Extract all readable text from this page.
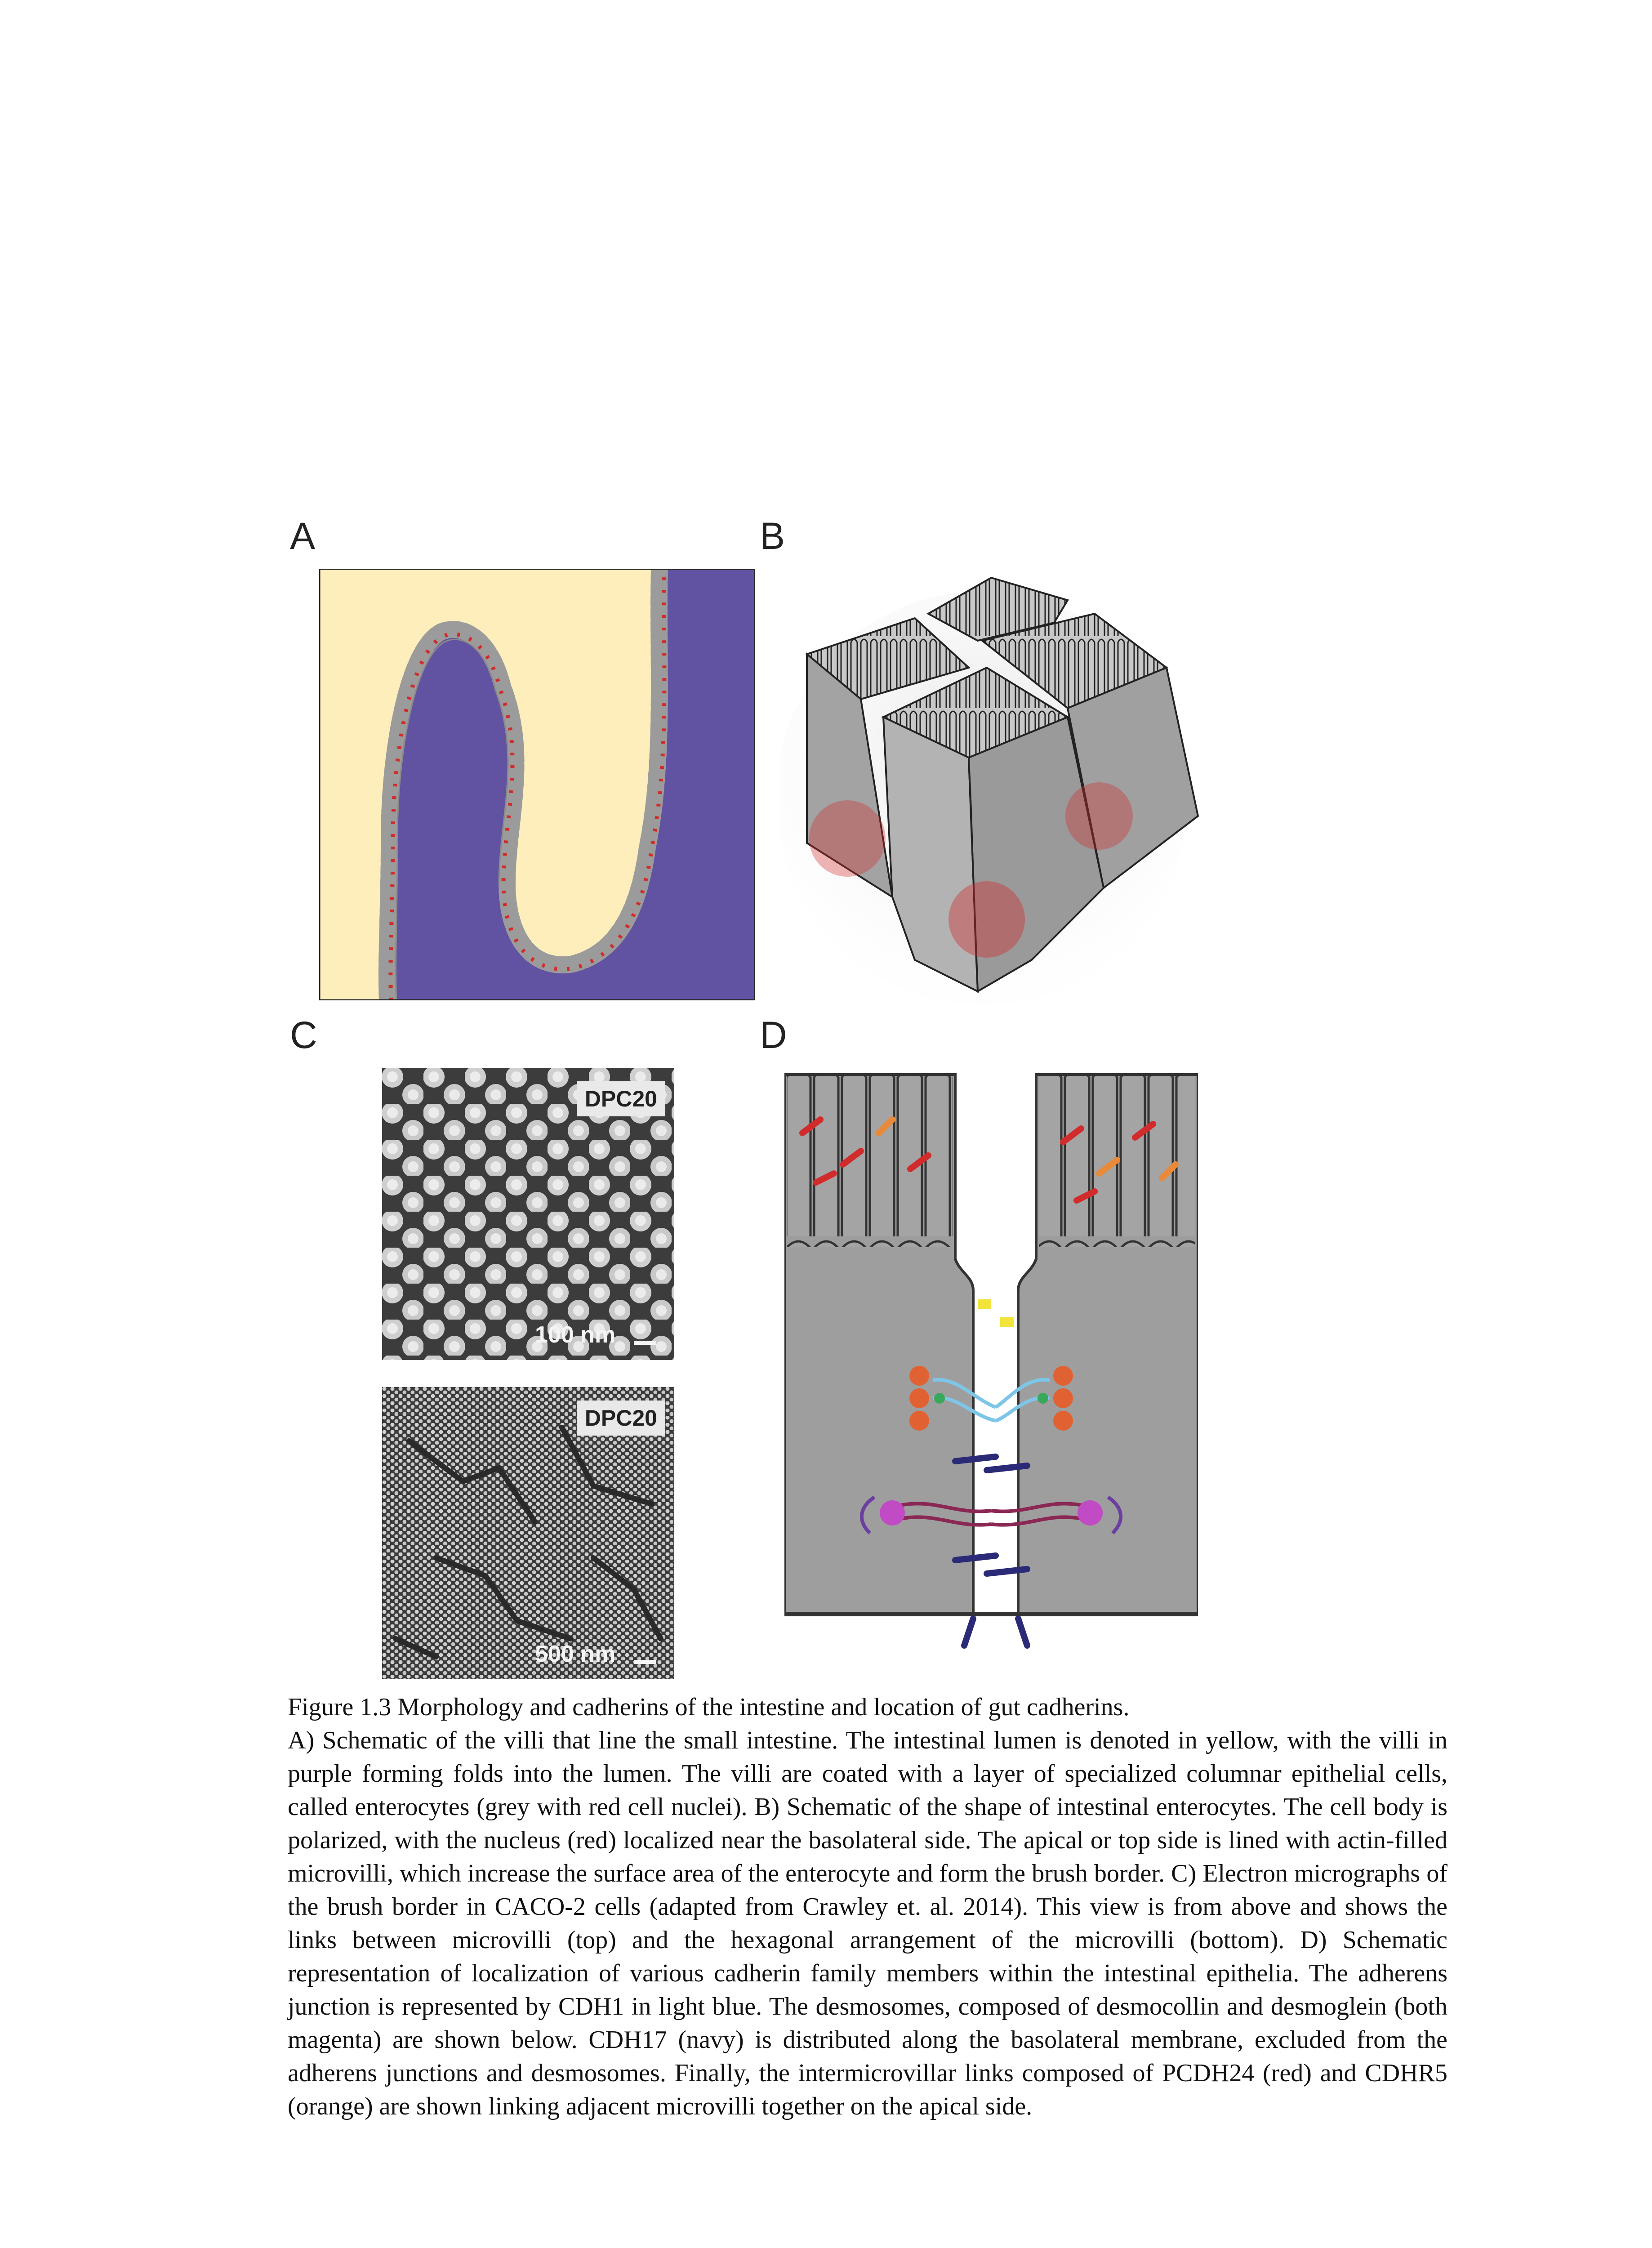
A	B
C	D
DPC20
100 nm
DPC20
500 nm

Figure 1.3 Morphology and cadherins of the intestine and location of gut cadherins.

A) Schematic of the villi that line the small intestine. The intestinal lumen is denoted in yellow, with the villi in purple forming folds into the lumen. The villi are coated with a layer of specialized columnar epithelial cells, called enterocytes (grey with red cell nuclei). B) Schematic of the shape of intestinal enterocytes. The cell body is polarized, with the nucleus (red) localized near the basolateral side. The apical or top side is lined with actin-filled microvilli, which increase the surface area of the enterocyte and form the brush border. C) Electron micrographs of the brush border in CACO-2 cells (adapted from Crawley et. al. 2014). This view is from above and shows the links between microvilli (top) and the hexagonal arrangement of the microvilli (bottom). D) Schematic representation of localization of various cadherin family members within the intestinal epithelia. The adherens junction is represented by CDH1 in light blue. The desmosomes, composed of desmocollin and desmoglein (both magenta) are shown below. CDH17 (navy) is distributed along the basolateral membrane, excluded from the adherens junctions and desmosomes. Finally, the intermicrovillar links composed of PCDH24 (red) and CDHR5 (orange) are shown linking adjacent microvilli together on the apical side.
